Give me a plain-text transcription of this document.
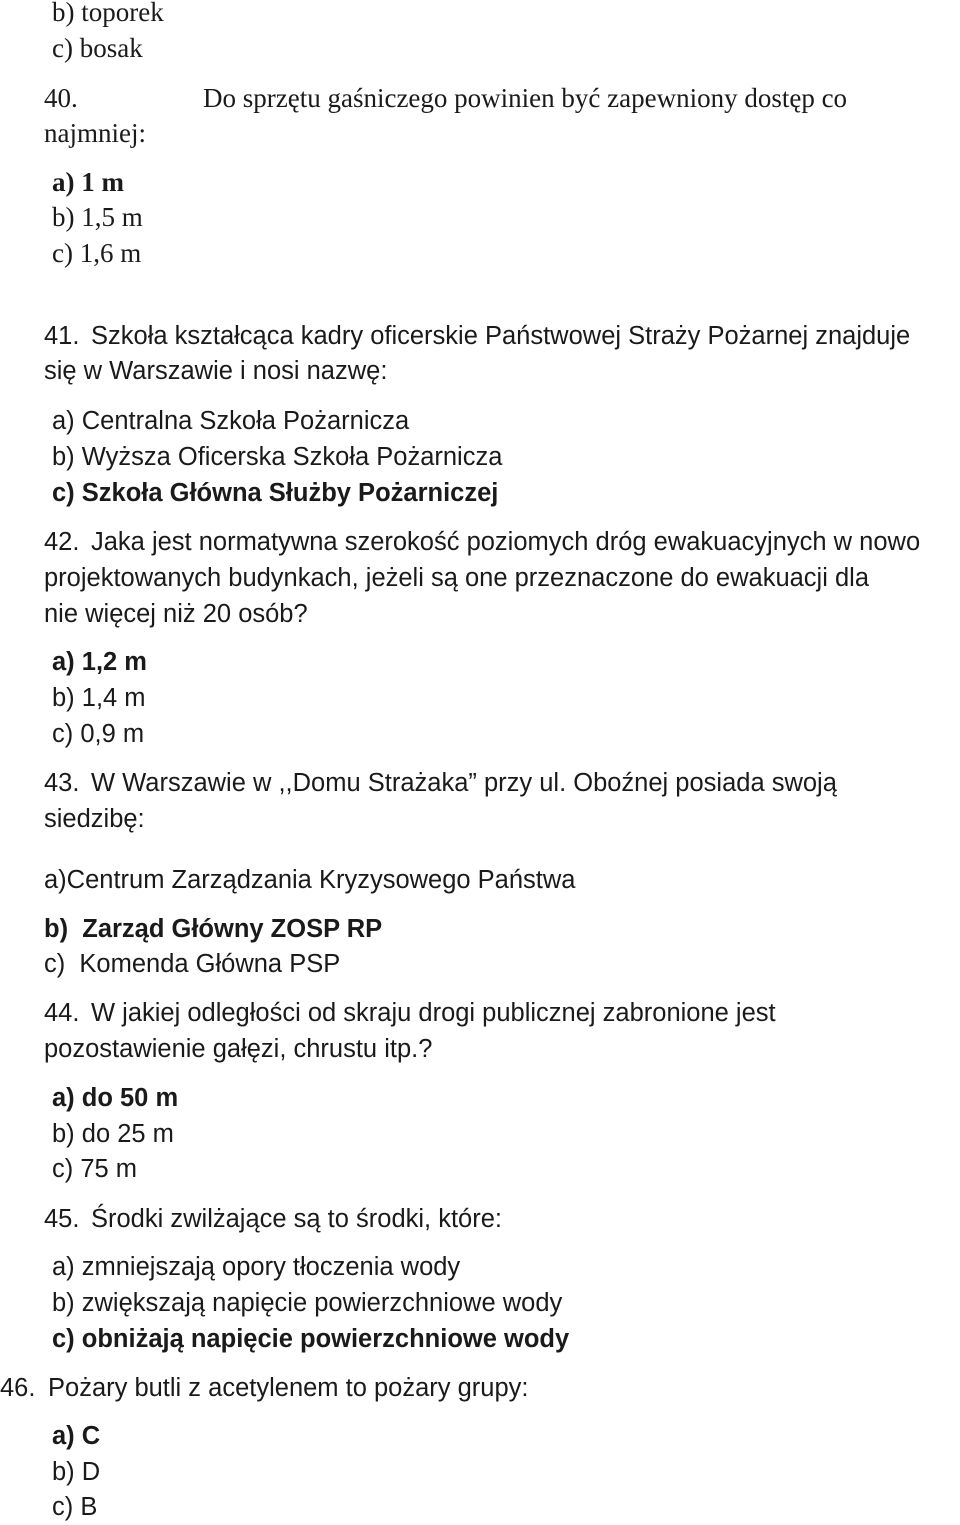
b) toporek
c) bosak
40.	Do sprzętu gaśniczego powinien być zapewniony dostęp co
najmniej:
a) 1 m
b) 1,5 m
c) 1,6 m
41. Szkoła kształcąca kadry oficerskie Państwowej Straży Pożarnej znajduje
się w Warszawie i nosi nazwę:
a) Centralna Szkoła Pożarnicza
b) Wyższa Oficerska Szkoła Pożarnicza
c) Szkoła Główna Służby Pożarniczej
42. Jaka jest normatywna szerokość poziomych dróg ewakuacyjnych w nowo
projektowanych budynkach, jeżeli są one przeznaczone do ewakuacji dla
nie więcej niż 20 osób?
a) 1,2 m
b) 1,4 m
c) 0,9 m
43. W Warszawie w ,,Domu Strażaka” przy ul. Oboźnej posiada swoją
siedzibę:
a)Centrum Zarządzania Kryzysowego Państwa
b)  Zarząd Główny ZOSP RP
c)  Komenda Główna PSP
44. W jakiej odległości od skraju drogi publicznej zabronione jest
pozostawienie gałęzi, chrustu itp.?
a) do 50 m
b) do 25 m
c) 75 m
45. Środki zwilżające są to środki, które:
a) zmniejszają opory tłoczenia wody
b) zwiększają napięcie powierzchniowe wody
c) obniżają napięcie powierzchniowe wody
46. Pożary butli z acetylenem to pożary grupy:
a) C
b) D
c) B
